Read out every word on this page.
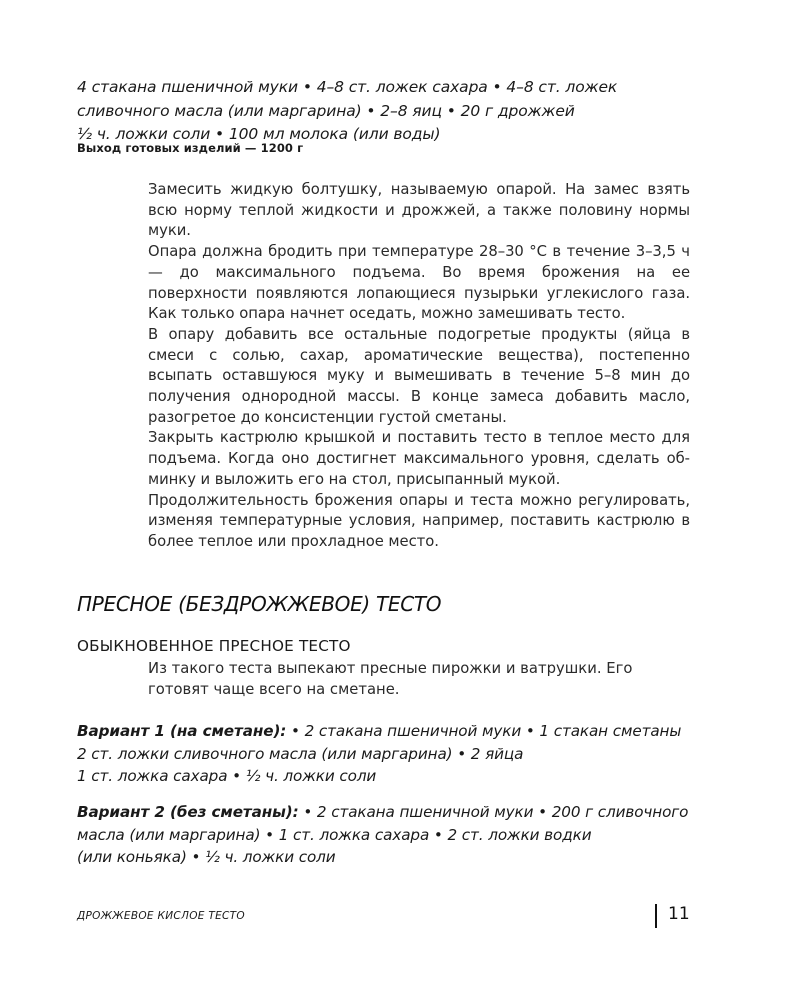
4 стакана пшеничной муки • 4–8 ст. ложек сахара • 4–8 ст. ложек
сливочного масла (или маргарина) • 2–8 яиц • 20 г дрожжей
½ ч. ложки соли • 100 мл молока (или воды)
Выход готовых изделий — 1200 г

Замесить жидкую болтушку, называемую опарой. На замес взять всю норму теплой жидкости и дрожжей, а также половину нормы муки.

Опара должна бродить при температуре 28–30 °С в течение 3–3,5 ч — до максимального подъема. Во время брожения на ее поверхности появляются лопающиеся пузырьки углекислого газа. Как только опара начнет оседать, можно замешивать тесто.

В опару добавить все остальные подогретые продукты (яйца в смеси с солью, сахар, ароматические вещества), постепенно всыпать оставшуюся муку и вымешивать в течение 5–8 мин до получения однородной массы. В конце замеса добавить масло, разогретое до консистенции густой сметаны.

Закрыть кастрюлю крышкой и поставить тесто в теплое место для подъема. Когда оно достигнет максимального уровня, сделать обминку и выложить его на стол, присыпанный мукой.

Продолжительность брожения опары и теста можно регулировать, изменяя температурные условия, например, поставить кастрюлю в более теплое или прохладное место.

ПРЕСНОЕ (БЕЗДРОЖЖЕВОЕ) ТЕСТО
ОБЫКНОВЕННОЕ ПРЕСНОЕ ТЕСТО

Из такого теста выпекают пресные пирожки и ватрушки. Его готовят чаще всего на сметане.

Вариант 1 (на сметане): • 2 стакана пшеничной муки • 1 стакан сметаны
2 ст. ложки сливочного масла (или маргарина) • 2 яйца
1 ст. ложка сахара • ½ ч. ложки соли
Вариант 2 (без сметаны): • 2 стакана пшеничной муки • 200 г сливочного
масла (или маргарина) • 1 ст. ложка сахара • 2 ст. ложки водки
(или коньяка) • ½ ч. ложки соли
ДРОЖЖЕВОЕ КИСЛОЕ ТЕСТО	11
